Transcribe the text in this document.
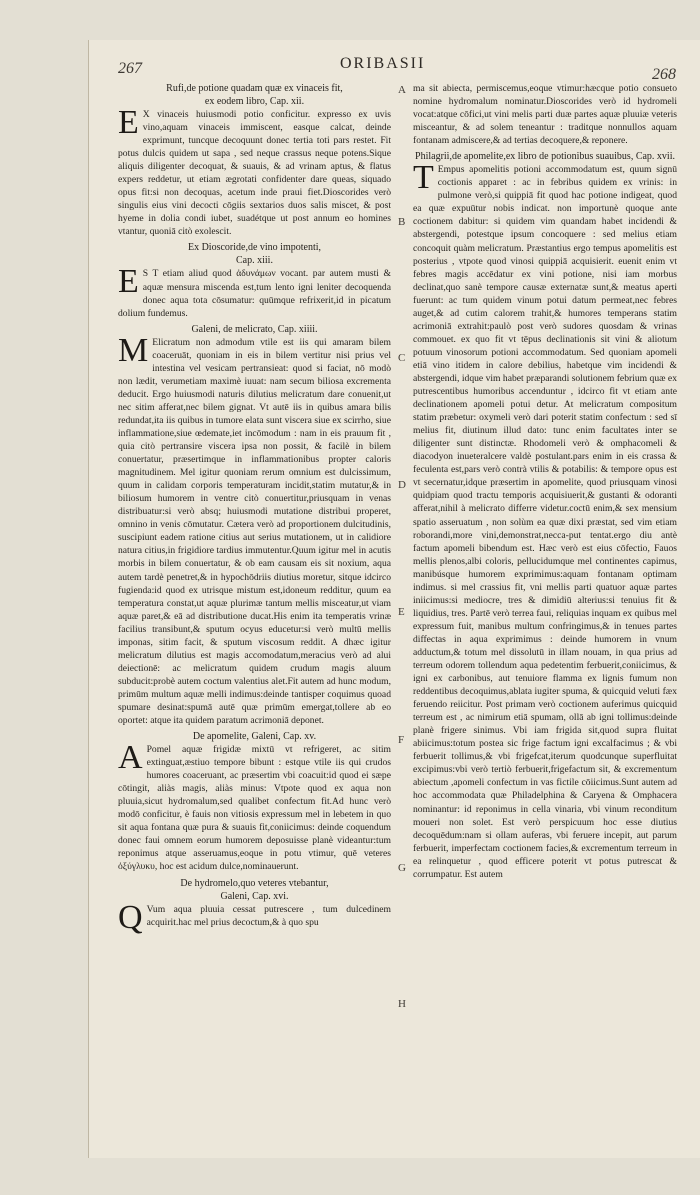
267	ORIBASII
268
A
B
C
D
E
F
G
H

Rufi,de potione quadam quæ ex vinaceis fit,

ex eodem libro, Cap. xii.

E X vinaceis huiusmodi potio conficitur. expresso ex uvis vino,aquam vinaceis immiscent, easque calcat, deinde exprimunt, tuncque decoquunt donec tertia toti pars restet. Fit potus dulcis quidem ut sapa , sed neque crassus neque potens.Sique aliquis diligenter decoquat, & suauis, & ad vrinam aptus, & flatus expers reddetur, ut etiam ægrotati confidenter dare queas, siquado opus fit:si non decoquas, acetum inde praui fiet.Dioscorides verò singulis eius vini decocti cōgiis sextarios duos salis miscet, & post hyeme in dolia condi iubet, suadétque ut post annum eo homines vtantur, quoniā citò exolescit.

Ex Dioscoride,de vino impotenti,

Cap. xiii.

E S T etiam aliud quod ἀδυνάμων vocant. par autem musti & aquæ mensura miscenda est,tum lento igni leniter decoquenda donec aqua tota cōsumatur: quūmque refrixerit,id in picatum dolium fundemus.

Galeni, de melicrato, Cap. xiiii.

M Elicratum non admodum vtile est iis qui amaram bilem coaceruāt, quoniam in eis in bilem vertitur nisi prius vel intestina vel vesicam pertransieat: quod si faciat, nō modò non lædit, verumetiam maximè iuuat: nam secum biliosa excrementa deducit. Ergo huiusmodi naturis dilutius melicratum dare conuenit,ut nec sitim afferat,nec bilem gignat. Vt autē iis in quibus amara bilis redundat,ita iis quibus in tumore elata sunt viscera siue ex scirrho, siue inflammatione,siue œdemate,iet incōmodum : nam in eis prauum fit , quia citò pertransire viscera ipsa non possit, & facilè in bilem conuertatur, præsertimque in inflammationibus propter caloris magnitudinem. Mel igitur quoniam rerum omnium est dulcissimum, quum in calidam corporis temperaturam incidit,statim mutatur,& in biliosum humorem in ventre citò conuertitur,priusquam in venas distribuatur:si verò absq; huiusmodi mutatione distribui properet, omnino in venis cōmutatur. Cætera verò ad proportionem dulcitudinis, suscipiunt eadem ratione citius aut serius mutationem, ut in calidiore natura citius,in frigidiore tardius immutentur.Quum igitur mel in acutis morbis in bilem conuertatur, & ob eam causam eis sit noxium, aqua autem tardè penetret,& in hypochōdriis diutius moretur, sitque idcirco fugienda:id quod ex utrisque mistum est,idoneum redditur, quum ea temperatura constat,ut aquæ plurimæ tantum mellis misceatur,ut viam aquæ paret,& eā ad distributione ducat.His enim ita temperatis vrinæ facilius transibunt,& sputum ocyus educetur:si verò multū mellis imponas, sitim facit, & sputum viscosum reddit. A dhæc igitur melicratum dilutius est magis accomodatum,meracius verò ad alui deiectionē: ac melicratum quidem crudum magis aluum subducit:probè autem coctum valentius alet.Fit autem ad hunc modum, primūm multum aquæ melli indimus:deinde tantisper coquimus quoad spumare desinat:spumā autē quæ primūm emergat,tollere ab eo oportet: atque ita quidem paratum acrimoniā deponet.

De apomelite, Galeni, Cap. xv.

A Pomel aquæ frigidæ mixtū vt refrigeret, ac sitim extinguat,æstiuo tempore bibunt : estque vtile iis qui crudos humores coaceruant, ac præsertim vbi coacuit:id quod ei sæpe cōtingit, aliàs magis, aliàs minus: Vtpote quod ex aqua non pluuia,sicut hydromalum,sed qualibet confectum fit.Ad hunc verò modō conficitur, è fauis non vitiosis expressum mel in lebetem in quo sit aqua fontana quæ pura & suauis fit,coniicimus: deinde coquendum donec faui omnem eorum humorem deposuisse planè videantur:tum reponimus atque asseruamus,eoque in potu vtimur, quē veteres ὀξύγλυκυ, hoc est acidum dulce,nominauerunt.

De hydromelo,quo veteres vtebantur,

Galeni, Cap. xvi.

Q Vum aqua pluuia cessat putrescere , tum dulcedinem acquirit.hac mel prius decoctum,& à quo spu

ma sit abiecta, permiscemus,eoque vtimur:hæcque potio consueto nomine hydromalum nominatur.Dioscorides verò id hydromeli vocat:atque cōfici,ut vini melis parti duæ partes aquæ pluuiæ veteris misceantur, & ad solem teneantur : traditque nonnullos aquam fontanam admiscere,& ad tertias decoquere,& reponere.

Philagrii,de apomelite,ex libro de potionibus suauibus, Cap. xvii.

T Empus apomelitis potioni accommodatum est, quum signū coctionis apparet : ac in febribus quidem ex vrinis: in pulmone verò,si quippiā fit quod hac potione indigeat, quod ea quæ expuūtur nobis indicat. non importunè quoque ante coctionem dabitur: si quidem vim quandam habet incidendi & abstergendi, potestque ipsum concoquere : sed melius etiam concoquit quàm melicratum. Præstantius ergo tempus apomelitis est posterius , vtpote quod vinosi quippiā acquisierit. euenit enim vt febres magis accēdatur ex vini potione, nisi iam morbus declinat,quo sanè tempore causæ externatæ sunt,& meatus aperti fuerunt: ac tum quidem vinum potui datum permeat,nec febres auget,& ad cutim calorem trahit,& humores temperans statim acrimoniā extrahit:paulò post verò sudores quosdam & vrinas commouet. ex quo fit vt tēpus declinationis sit vini & aliotum potuum vinosorum potioni accommodatum. Sed quoniam apomeli etiā vino itidem in calore debilius, habetque vim incidendi & abstergendi, idque vim habet præparandi solutionem febrium quæ ex putrescentibus humoribus accenduntur , idcirco fit vt etiam ante declinationem apomeli potui detur. At melicratum compositum statim præbetur: oxymeli verò dari poterit statim confectum : sed sī melius fit, diutinum illud dato: tunc enim facultates inter se diligenter sunt distinctæ. Rhodomeli verò & omphacomeli & diacodyon inueteralcere valdè postulant.pars enim in eis crassa & feculenta est,pars verò contrà vtilis & potabilis: & tempore opus est vt secernatur,idque præsertim in apomelite, quod priusquam vinosi quidpiam quod tractu temporis acquisiuerit,& gustanti & odoranti afferat,nihil à melicrato differre videtur.coctū enim,& sex mensium spatio asseruatum , non solùm ea quæ dixi præstat, sed vim etiam roborandi,more vini,demonstrat,necca-put tentat.ergo diu antè factum apomeli bibendum est. Hæc verò est eius cōfectio, Fauos mellis plenos,albi coloris, pellucidumque mel continentes capimus, manibúsque humorem exprimimus:aquam fontanam optimam indimus. si mel crassius fit, vni mellis parti quatuor aquæ partes iniicimus:si mediocre, tres & dimidiū alterius:si tenuius fit & liquidius, tres. Partē verò terrea faui, reliquias inquam ex quibus mel expressum fuit, manibus multum confringimus,& in tenues partes diffectas in aqua exprimimus : deinde humorem in vnum adductum,& totum mel dissolutū in illam nouam, in qua prius ad terreum odorem tollendum aqua pedetentim ferbuerit,coniicimus, & igni ex carbonibus, aut tenuiore flamma ex lignis fumum non reddentibus decoquimus,ablata iugiter spuma, & quicquid veluti fæx feruendo reiicitur. Post primam verò coctionem auferimus quicquid terreum est , ac nimirum etiā spumam, ollā ab igni tollimus:deinde planè frigere sinimus. Vbi iam frigida sit,quod supra fluitat abiicimus:totum postea sic frige factum igni excalfacimus ; & vbi ferbuerit tollimus,& vbi frigefcat,iterum quodcunque superfluitat excipimus:vbi verò tertiò ferbuerit,frigefactum sit, & excrementum abiectum ,apomeli confectum in vas fictile cōiicimus.Sunt autem ad hoc accommodata quæ Philadelphina & Caryena & Omphacera nominantur: id reponimus in cella vinaria, vbi vinum reconditum moueri non solet. Est verò perspicuum hoc esse diutius decoquēdum:nam si ollam auferas, vbi feruere incepit, aut parum ferbuerit, imperfectam coctionem facies,& excrementum terreum in ea relinquetur , quod efficere poterit vt potus putrescat & corrumpatur. Est autem
